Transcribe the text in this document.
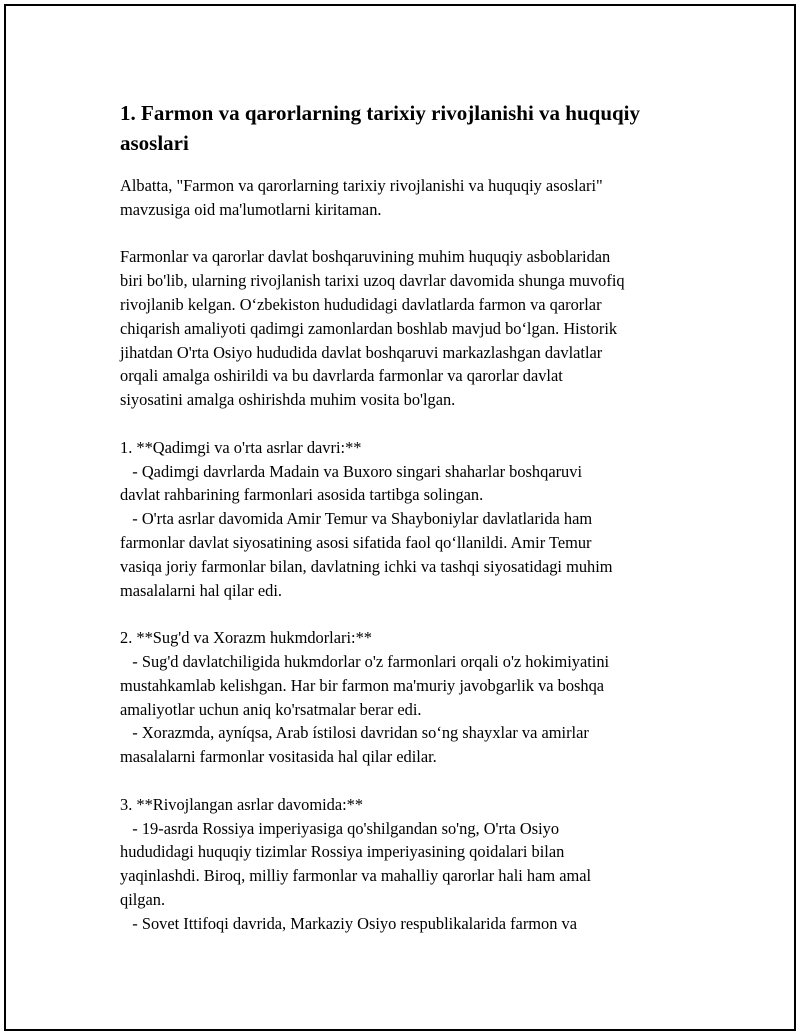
1. Farmon va qarorlarning tarixiy rivojlanishi va huquqiy
asoslari
Albatta, "Farmon va qarorlarning tarixiy rivojlanishi va huquqiy asoslari"
mavzusiga oid ma'lumotlarni kiritaman.
Farmonlar va qarorlar davlat boshqaruvining muhim huquqiy asboblaridan
biri bo'lib, ularning rivojlanish tarixi uzoq davrlar davomida shunga muvofiq
rivojlanib kelgan. O‘zbekiston hududidagi davlatlarda farmon va qarorlar
chiqarish amaliyoti qadimgi zamonlardan boshlab mavjud bo‘lgan. Historik
jihatdan O'rta Osiyo hududida davlat boshqaruvi markazlashgan davlatlar
orqali amalga oshirildi va bu davrlarda farmonlar va qarorlar davlat
siyosatini amalga oshirishda muhim vosita bo'lgan.
1. **Qadimgi va o'rta asrlar davri:**
- Qadimgi davrlarda Madain va Buxoro singari shaharlar boshqaruvi
davlat rahbarining farmonlari asosida tartibga solingan.
- O'rta asrlar davomida Amir Temur va Shayboniylar davlatlarida ham
farmonlar davlat siyosatining asosi sifatida faol qo‘llanildi. Amir Temur
vasiqa joriy farmonlar bilan, davlatning ichki va tashqi siyosatidagi muhim
masalalarni hal qilar edi.
2. **Sug'd va Xorazm hukmdorlari:**
- Sug'd davlatchiligida hukmdorlar o'z farmonlari orqali o'z hokimiyatini
mustahkamlab kelishgan. Har bir farmon ma'muriy javobgarlik va boshqa
amaliyotlar uchun aniq ko'rsatmalar berar edi.
- Xorazmda, ayníqsa, Arab ístilosi davridan so‘ng shayxlar va amirlar
masalalarni farmonlar vositasida hal qilar edilar.
3. **Rivojlangan asrlar davomida:**
- 19-asrda Rossiya imperiyasiga qo'shilgandan so'ng, O'rta Osiyo
hududidagi huquqiy tizimlar Rossiya imperiyasining qoidalari bilan
yaqinlashdi. Biroq, milliy farmonlar va mahalliy qarorlar hali ham amal
qilgan.
- Sovet Ittifoqi davrida, Markaziy Osiyo respublikalarida farmon va
